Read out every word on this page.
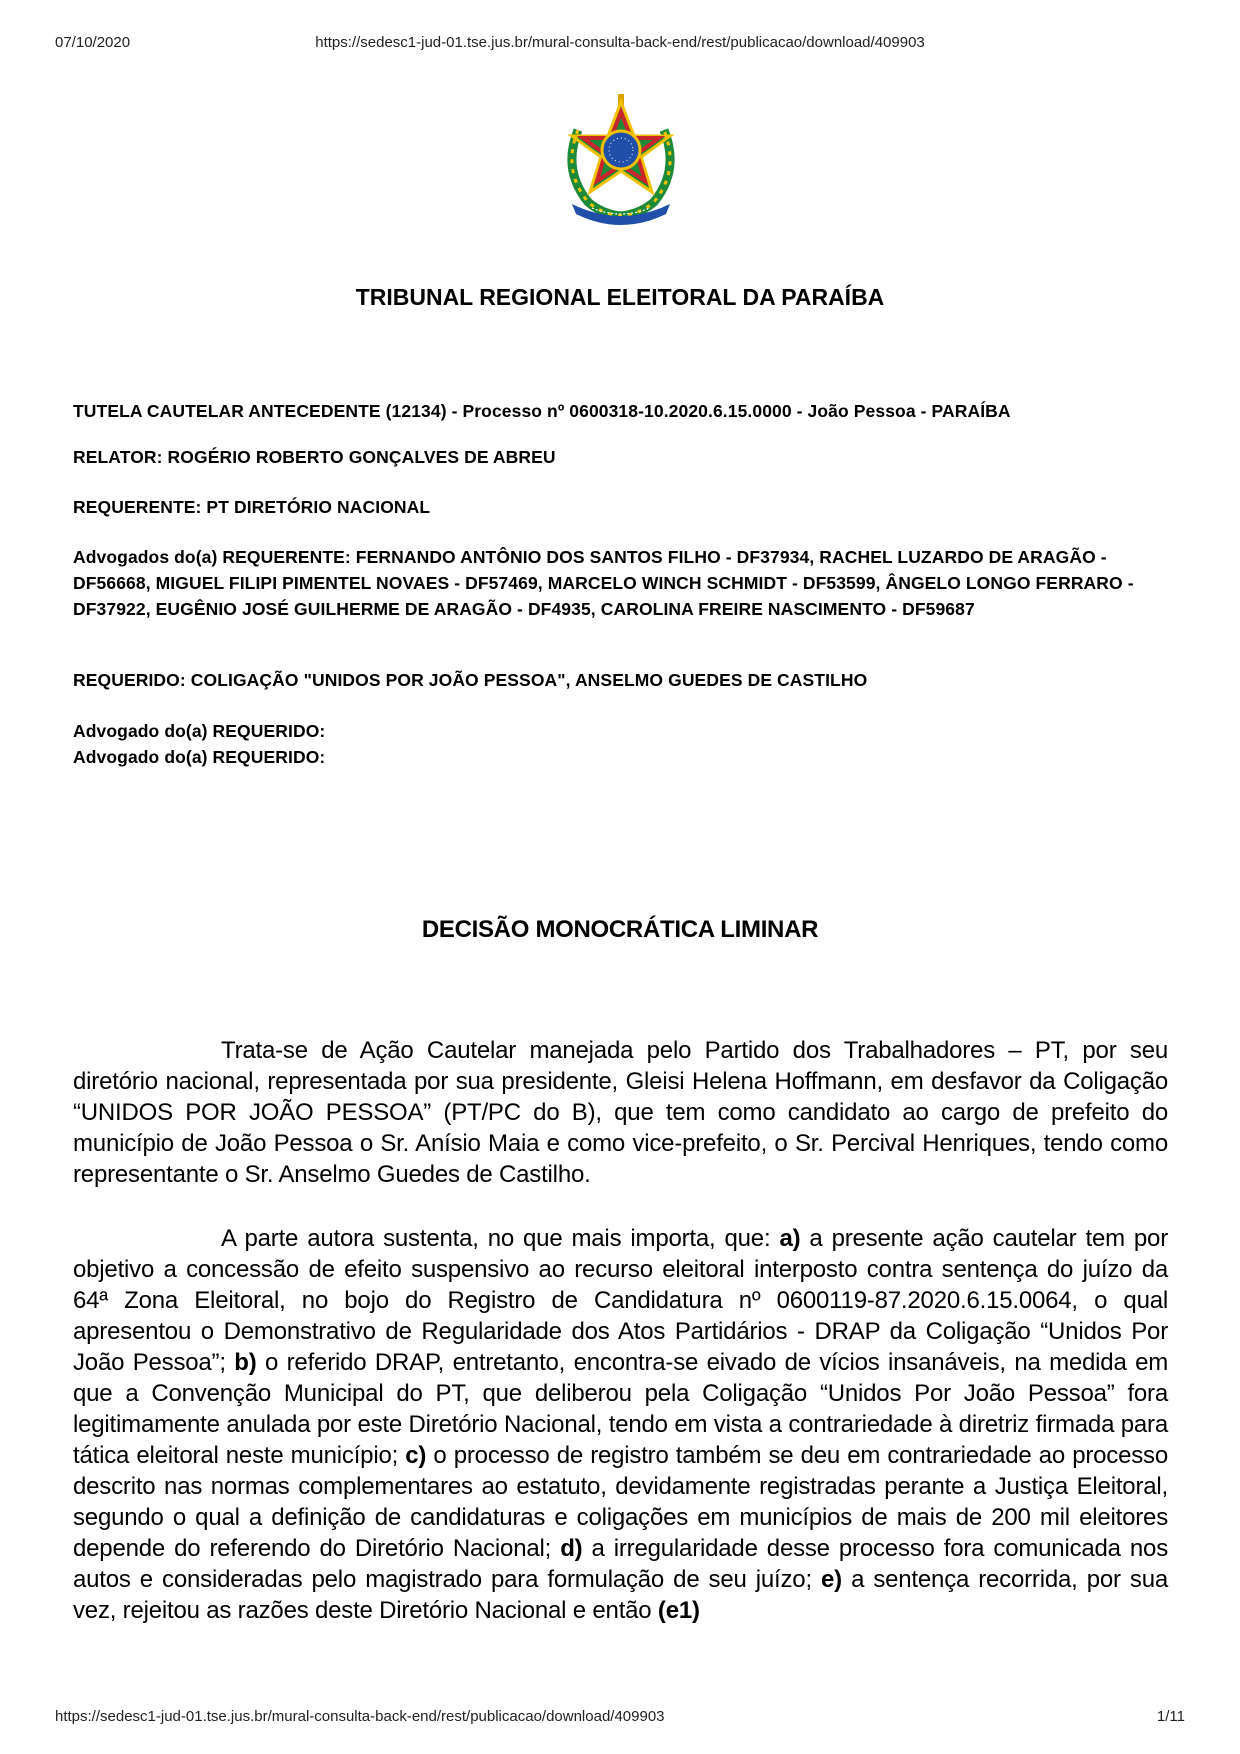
https://sedesc1-jud-01.tse.jus.br/mural-consulta-back-end/rest/publicacao/download/409903
07/10/2020
TRIBUNAL REGIONAL ELEITORAL DA PARAÍBA
TUTELA CAUTELAR ANTECEDENTE (12134) - Processo nº 0600318-10.2020.6.15.0000 - João Pessoa - PARAÍBA
RELATOR: ROGÉRIO ROBERTO GONÇALVES DE ABREU
REQUERENTE: PT DIRETÓRIO NACIONAL
Advogados do(a) REQUERENTE: FERNANDO ANTÔNIO DOS SANTOS FILHO - DF37934, RACHEL LUZARDO DE ARAGÃO - DF56668, MIGUEL FILIPI PIMENTEL NOVAES - DF57469, MARCELO WINCH SCHMIDT - DF53599, ÂNGELO LONGO FERRARO - DF37922, EUGÊNIO JOSÉ GUILHERME DE ARAGÃO - DF4935, CAROLINA FREIRE NASCIMENTO - DF59687
REQUERIDO: COLIGAÇÃO "UNIDOS POR JOÃO PESSOA", ANSELMO GUEDES DE CASTILHO
Advogado do(a) REQUERIDO:
Advogado do(a) REQUERIDO:
DECISÃO MONOCRÁTICA LIMINAR
Trata-se de Ação Cautelar manejada pelo Partido dos Trabalhadores – PT, por seu diretório nacional, representada por sua presidente, Gleisi Helena Hoffmann, em desfavor da Coligação “UNIDOS POR JOÃO PESSOA” (PT/PC do B), que tem como candidato ao cargo de prefeito do município de João Pessoa o Sr. Anísio Maia e como vice-prefeito, o Sr. Percival Henriques, tendo como representante o Sr. Anselmo Guedes de Castilho.
A parte autora sustenta, no que mais importa, que: a) a presente ação cautelar tem por objetivo a concessão de efeito suspensivo ao recurso eleitoral interposto contra sentença do juízo da 64ª Zona Eleitoral, no bojo do Registro de Candidatura nº 0600119-87.2020.6.15.0064, o qual apresentou o Demonstrativo de Regularidade dos Atos Partidários - DRAP da Coligação “Unidos Por João Pessoa”; b) o referido DRAP, entretanto, encontra-se eivado de vícios insanáveis, na medida em que a Convenção Municipal do PT, que deliberou pela Coligação “Unidos Por João Pessoa” fora legitimamente anulada por este Diretório Nacional, tendo em vista a contrariedade à diretriz firmada para tática eleitoral neste município; c) o processo de registro também se deu em contrariedade ao processo descrito nas normas complementares ao estatuto, devidamente registradas perante a Justiça Eleitoral, segundo o qual a definição de candidaturas e coligações em municípios de mais de 200 mil eleitores depende do referendo do Diretório Nacional; d) a irregularidade desse processo fora comunicada nos autos e consideradas pelo magistrado para formulação de seu juízo; e) a sentença recorrida, por sua vez, rejeitou as razões deste Diretório Nacional e então (e1)
https://sedesc1-jud-01.tse.jus.br/mural-consulta-back-end/rest/publicacao/download/409903	1/11
